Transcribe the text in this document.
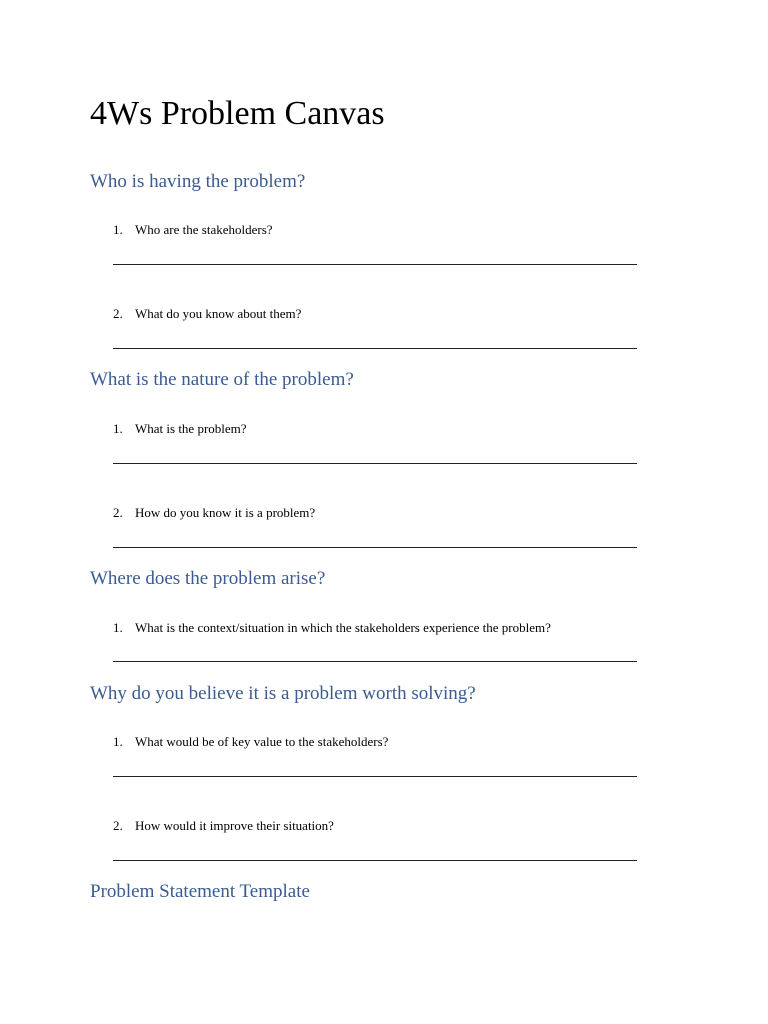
4Ws Problem Canvas
Who is having the problem?
1. Who are the stakeholders?
2. What do you know about them?
What is the nature of the problem?
1. What is the problem?
2. How do you know it is a problem?
Where does the problem arise?
1. What is the context/situation in which the stakeholders experience the problem?
Why do you believe it is a problem worth solving?
1. What would be of key value to the stakeholders?
2. How would it improve their situation?
Problem Statement Template
